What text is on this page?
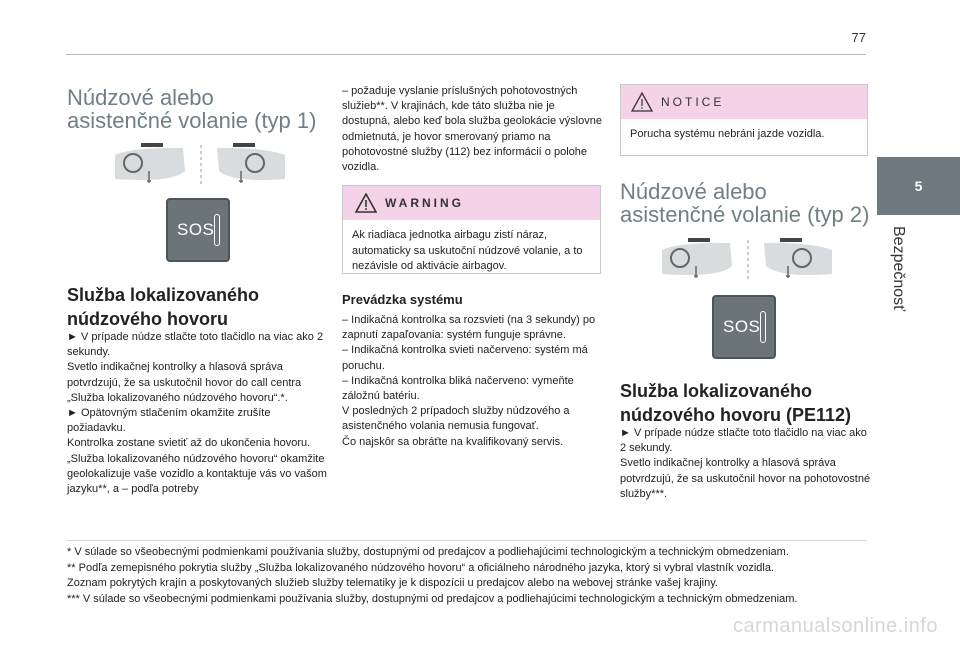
77
5
Bezpečnosť
Núdzové alebo
asistenčné volanie (typ 1)
SOS
Služba lokalizovaného
núdzového hovoru

► V prípade núdze stlačte toto tlačidlo na viac ako 2 sekundy.

Svetlo indikačnej kontrolky a hlasová správa potvrdzujú, že sa uskutočnil hovor do call centra „Služba lokalizovaného núdzového hovoru“.*.

► Opätovným stlačením okamžite zrušíte požiadavku.

Kontrolka zostane svietiť až do ukončenia hovoru.

„Služba lokalizovaného núdzového hovoru“ okamžite geolokalizuje vaše vozidlo a kontaktuje vás vo vašom jazyku**, a – podľa potreby

– požaduje vyslanie príslušných pohotovostných služieb**. V krajinách, kde táto služba nie je dostupná, alebo keď bola služba geolokácie výslovne odmietnutá, je hovor smerovaný priamo na pohotovostné služby (112) bez informácií o polohe vozidla.
WARNING
Ak riadiaca jednotka airbagu zistí náraz, automaticky sa uskutoční núdzové volanie, a to nezávisle od aktivácie airbagov.
Prevádzka systému

– Indikačná kontrolka sa rozsvieti (na 3 sekundy) po zapnutí zapaľovania: systém funguje správne.

– Indikačná kontrolka svieti načerveno: systém má poruchu.

– Indikačná kontrolka bliká načerveno: vymeňte záložnú batériu.

V posledných 2 prípadoch služby núdzového a asistenčného volania nemusia fungovať.

Čo najskôr sa obráťte na kvalifikovaný servis.

NOTICE
Porucha systému nebráni jazde vozidla.
Núdzové alebo
asistenčné volanie (typ 2)
SOS
Služba lokalizovaného
núdzového hovoru (PE112)

► V prípade núdze stlačte toto tlačidlo na viac ako 2 sekundy.

Svetlo indikačnej kontrolky a hlasová správa potvrdzujú, že sa uskutočnil hovor na pohotovostné služby***.

* V súlade so všeobecnými podmienkami používania služby, dostupnými od predajcov a podliehajúcimi technologickým a technickým obmedzeniam.

** Podľa zemepisného pokrytia služby „Služba lokalizovaného núdzového hovoru“ a oficiálneho národného jazyka, ktorý si vybral vlastník vozidla.

Zoznam pokrytých krajín a poskytovaných služieb služby telematiky je k dispozícii u predajcov alebo na webovej stránke vašej krajiny.

*** V súlade so všeobecnými podmienkami používania služby, dostupnými od predajcov a podliehajúcimi technologickým a technickým obmedzeniam.

carmanualsonline.info
